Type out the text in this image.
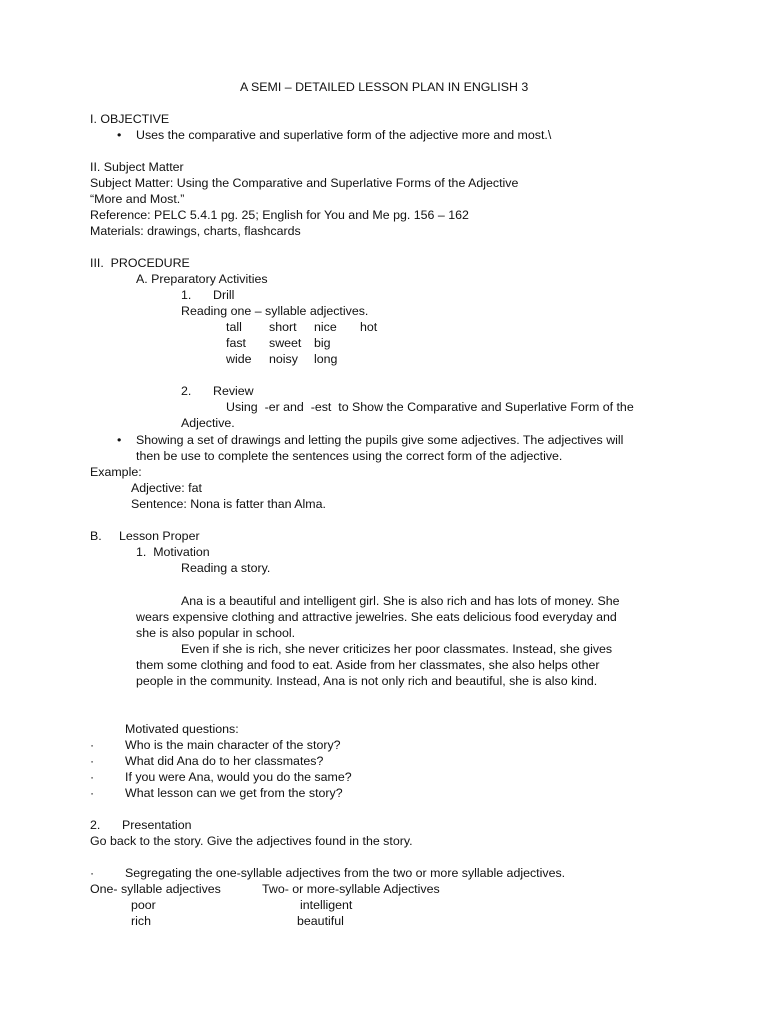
A SEMI – DETAILED LESSON PLAN IN ENGLISH 3
I. OBJECTIVE
• Uses the comparative and superlative form of the adjective more and most.\
II. Subject Matter
Subject Matter: Using the Comparative and Superlative Forms of the Adjective
“More and Most.”
Reference: PELC 5.4.1 pg. 25; English for You and Me pg. 156 – 162
Materials: drawings, charts, flashcards
III.  PROCEDURE
A. Preparatory Activities
1. Drill
Reading one – syllable adjectives.
tall short nice hot
fast sweet big
wide noisy long
2. Review
Using  -er and  -est  to Show the Comparative and Superlative Form of the
Adjective.
• Showing a set of drawings and letting the pupils give some adjectives. The adjectives will
then be use to complete the sentences using the correct form of the adjective.
Example:
Adjective: fat
Sentence: Nona is fatter than Alma.
B. Lesson Proper
1.  Motivation
Reading a story.
Ana is a beautiful and intelligent girl. She is also rich and has lots of money. She
wears expensive clothing and attractive jewelries. She eats delicious food everyday and
she is also popular in school.
Even if she is rich, she never criticizes her poor classmates. Instead, she gives
them some clothing and food to eat. Aside from her classmates, she also helps other
people in the community. Instead, Ana is not only rich and beautiful, she is also kind.
Motivated questions:
· Who is the main character of the story?
· What did Ana do to her classmates?
· If you were Ana, would you do the same?
· What lesson can we get from the story?
2. Presentation
Go back to the story. Give the adjectives found in the story.
· Segregating the one-syllable adjectives from the two or more syllable adjectives.
One- syllable adjectives	Two- or more-syllable Adjectives
poor	intelligent
rich	beautiful
